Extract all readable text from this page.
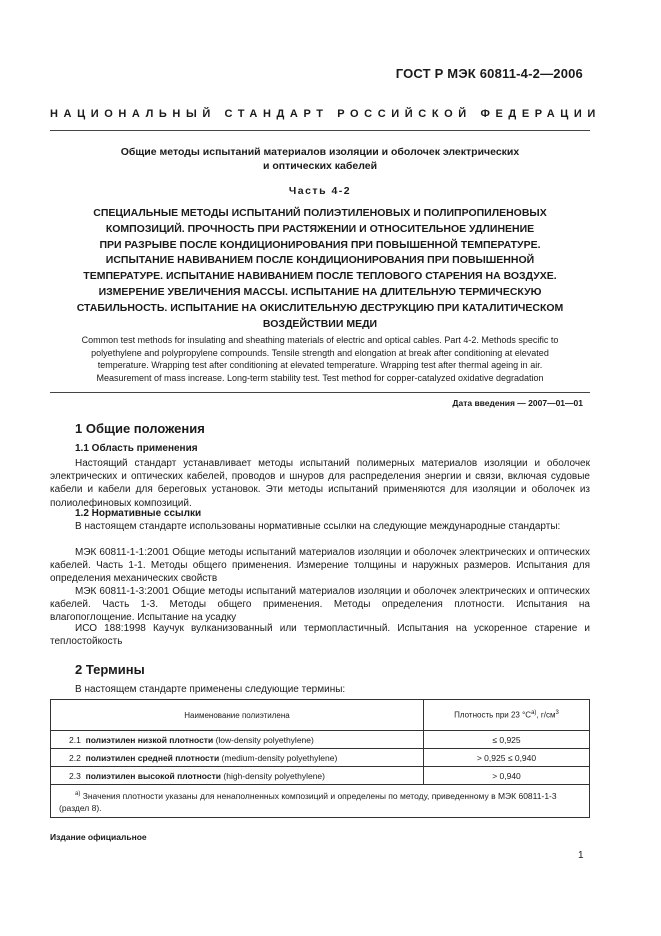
ГОСТ Р МЭК 60811-4-2—2006
НАЦИОНАЛЬНЫЙ СТАНДАРТ РОССИЙСКОЙ ФЕДЕРАЦИИ
Общие методы испытаний материалов изоляции и оболочек электрических
и оптических кабелей
Часть 4-2
СПЕЦИАЛЬНЫЕ МЕТОДЫ ИСПЫТАНИЙ ПОЛИЭТИЛЕНОВЫХ И ПОЛИПРОПИЛЕНОВЫХ
КОМПОЗИЦИЙ. ПРОЧНОСТЬ ПРИ РАСТЯЖЕНИИ И ОТНОСИТЕЛЬНОЕ УДЛИНЕНИЕ
ПРИ РАЗРЫВЕ ПОСЛЕ КОНДИЦИОНИРОВАНИЯ ПРИ ПОВЫШЕННОЙ ТЕМПЕРАТУРЕ.
ИСПЫТАНИЕ НАВИВАНИЕМ ПОСЛЕ КОНДИЦИОНИРОВАНИЯ ПРИ ПОВЫШЕННОЙ
ТЕМПЕРАТУРЕ. ИСПЫТАНИЕ НАВИВАНИЕМ ПОСЛЕ ТЕПЛОВОГО СТАРЕНИЯ НА ВОЗДУХЕ.
ИЗМЕРЕНИЕ УВЕЛИЧЕНИЯ МАССЫ. ИСПЫТАНИЕ НА ДЛИТЕЛЬНУЮ ТЕРМИЧЕСКУЮ
СТАБИЛЬНОСТЬ. ИСПЫТАНИЕ НА ОКИСЛИТЕЛЬНУЮ ДЕСТРУКЦИЮ ПРИ КАТАЛИТИЧЕСКОМ
ВОЗДЕЙСТВИИ МЕДИ
Common test methods for insulating and sheathing materials of electric and optical cables. Part 4-2. Methods specific to
polyethylene and polypropylene compounds. Tensile strength and elongation at break after conditioning at elevated
temperature. Wrapping test after conditioning at elevated temperature. Wrapping test after thermal ageing in air.
Measurement of mass increase. Long-term stability test. Test method for copper-catalyzed oxidative degradation
Дата введения — 2007—01—01
1 Общие положения
1.1 Область применения
Настоящий стандарт устанавливает методы испытаний полимерных материалов изоляции и оболочек электрических и оптических кабелей, проводов и шнуров для распределения энергии и связи, включая судовые кабели и кабели для береговых установок. Эти методы испытаний применяются для изоляции и оболочек из полиолефиновых композиций.
1.2 Нормативные ссылки
В настоящем стандарте использованы нормативные ссылки на следующие международные стандарты:
МЭК 60811-1-1:2001 Общие методы испытаний материалов изоляции и оболочек электрических и оптических кабелей. Часть 1-1. Методы общего применения. Измерение толщины и наружных размеров. Испытания для определения механических свойств
МЭК 60811-1-3:2001 Общие методы испытаний материалов изоляции и оболочек электрических и оптических кабелей. Часть 1-3. Методы общего применения. Методы определения плотности. Испытания на влагопоглощение. Испытание на усадку
ИСО 188:1998 Каучук вулканизованный или термопластичный. Испытания на ускоренное старение и теплостойкость
2 Термины
В настоящем стандарте применены следующие термины:
Наименование полиэтилена	Плотность при 23 $^\circ C^{а)}$, $г/см^3$
2.1 полиэтилен низкой плотности (low-density polyethylene)	≤ 0,925
2.2 полиэтилен средней плотности (medium-density polyethylene)	> 0,925 ≤ 0,940
2.3 полиэтилен высокой плотности (high-density polyethylene)	> 0,940
$^{а)}$ Значения плотности указаны для ненаполненных композиций и определены по методу, приведенному в МЭК 60811-1-3 (раздел 8).	
Издание официальное
1
